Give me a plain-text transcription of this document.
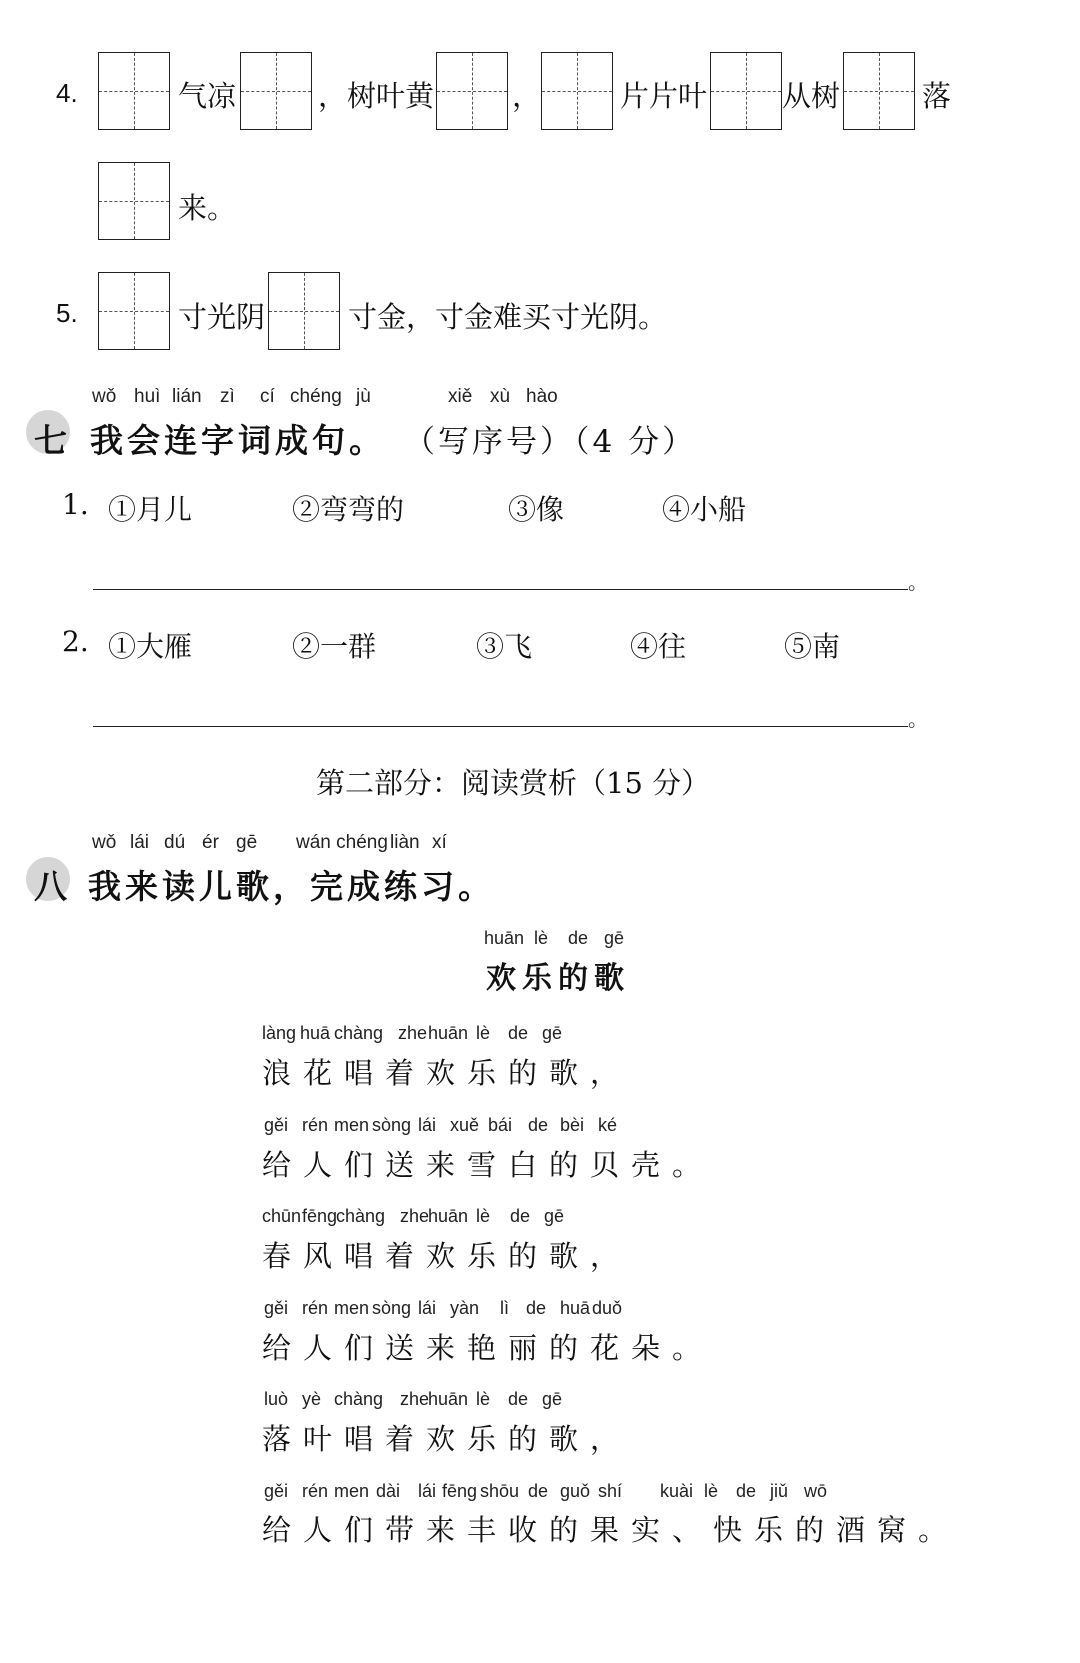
4.	气凉	，树叶黄	，	片片叶	从树	落
来。
5.	寸光阴	寸金，寸金难买寸光阴。
wǒ huì lián zì cí chéng jù	xiě xù hào
七 我会连字词成句。 （写序号）（4 分）
1. ①月儿	②弯弯的	③像	④小船
。
2. ①大雁	②一群	③飞	④往	⑤南
。
第二部分：阅读赏析（15 分）
wǒ lái dú ér gē wán chéng liàn xí
八 我来读儿歌，完成练习。
huān lè de gē
欢乐的歌
làng huā chàng zhe huān lè de gē
浪花唱着欢乐的歌，
gěi rén men sòng lái xuě bái de bèi ké
给人们送来雪白的贝壳。
chūn fēng
chàng zhe
huān lè de gē
春风唱着欢乐的歌，
gěi rén men sòng lái yàn lì de huā duǒ
给人们送来艳丽的花朵。
luò yè chàng zhe
huān lè de gē
落叶唱着欢乐的歌，
gěi rén men dài lái fēng shōu de guǒ shí kuài lè de jiǔ wō
给人们带来丰收的果实、快乐的酒窝。
